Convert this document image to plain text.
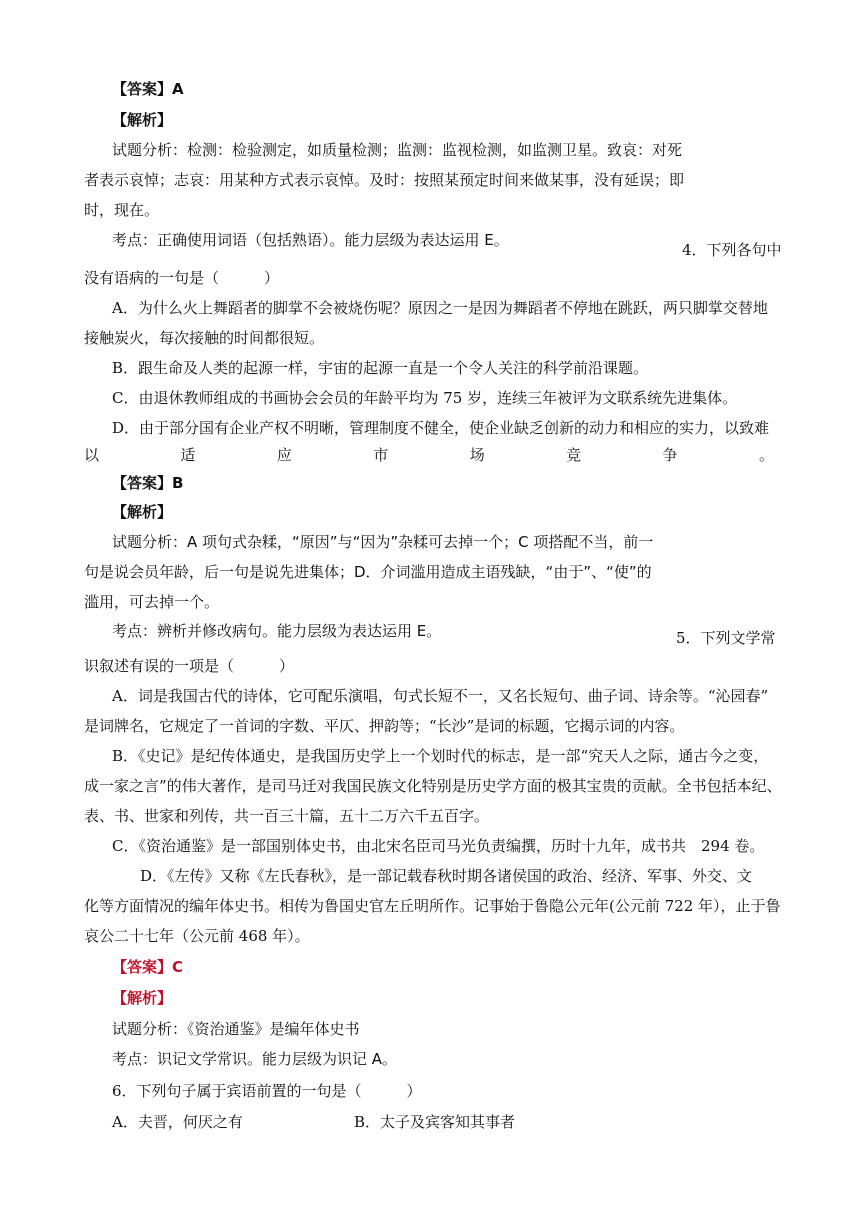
【答案】A
【解析】
试题分析：检测：检验测定，如质量检测；监测：监视检测，如监测卫星。致哀：对死
者表示哀悼；志哀：用某种方式表示哀悼。及时：按照某预定时间来做某事，没有延误；即
时，现在。
考点：正确使用词语（包括熟语）。能力层级为表达运用 E。
4．下列各句中
没有语病的一句是（　　　）
A．为什么火上舞蹈者的脚掌不会被烧伤呢？原因之一是因为舞蹈者不停地在跳跃，两只脚掌交替地
接触炭火，每次接触的时间都很短。
B．跟生命及人类的起源一样，宇宙的起源一直是一个令人关注的科学前沿课题。
C．由退休教师组成的书画协会会员的年龄平均为 75 岁，连续三年被评为文联系统先进集体。
D．由于部分国有企业产权不明晰，管理制度不健全，使企业缺乏创新的动力和相应的实力，以致难
以	适	应	市	场	竞	争	。
【答案】B
【解析】
试题分析：A 项句式杂糅，“原因”与“因为”杂糅可去掉一个；C 项搭配不当，前一
句是说会员年龄，后一句是说先进集体；D．介词滥用造成主语残缺，“由于”、“使”的
滥用，可去掉一个。
考点：辨析并修改病句。能力层级为表达运用 E。	5．下列文学常
识叙述有误的一项是（　　　）
A．词是我国古代的诗体，它可配乐演唱，句式长短不一，又名长短句、曲子词、诗余等。“沁园春”
是词牌名，它规定了一首词的字数、平仄、押韵等；“长沙”是词的标题，它揭示词的内容。
B．《史记》是纪传体通史，是我国历史学上一个划时代的标志，是一部“究天人之际，通古今之变，
成一家之言”的伟大著作，是司马迁对我国民族文化特别是历史学方面的极其宝贵的贡献。全书包括本纪、
表、书、世家和列传，共一百三十篇，五十二万六千五百字。
C．《资治通鉴》是一部国别体史书，由北宋名臣司马光负责编撰，历时十九年，成书共　294 卷。
D．《左传》又称《左氏春秋》，是一部记载春秋时期各诸侯国的政治、经济、军事、外交、文
化等方面情况的编年体史书。相传为鲁国史官左丘明所作。记事始于鲁隐公元年(公元前 722 年），止于鲁
哀公二十七年（公元前 468 年）。
【答案】C
【解析】
试题分析：《资治通鉴》是编年体史书
考点：识记文学常识。能力层级为识记 A。
6．下列句子属于宾语前置的一句是（　　　）
A．夫晋，何厌之有	B．太子及宾客知其事者
